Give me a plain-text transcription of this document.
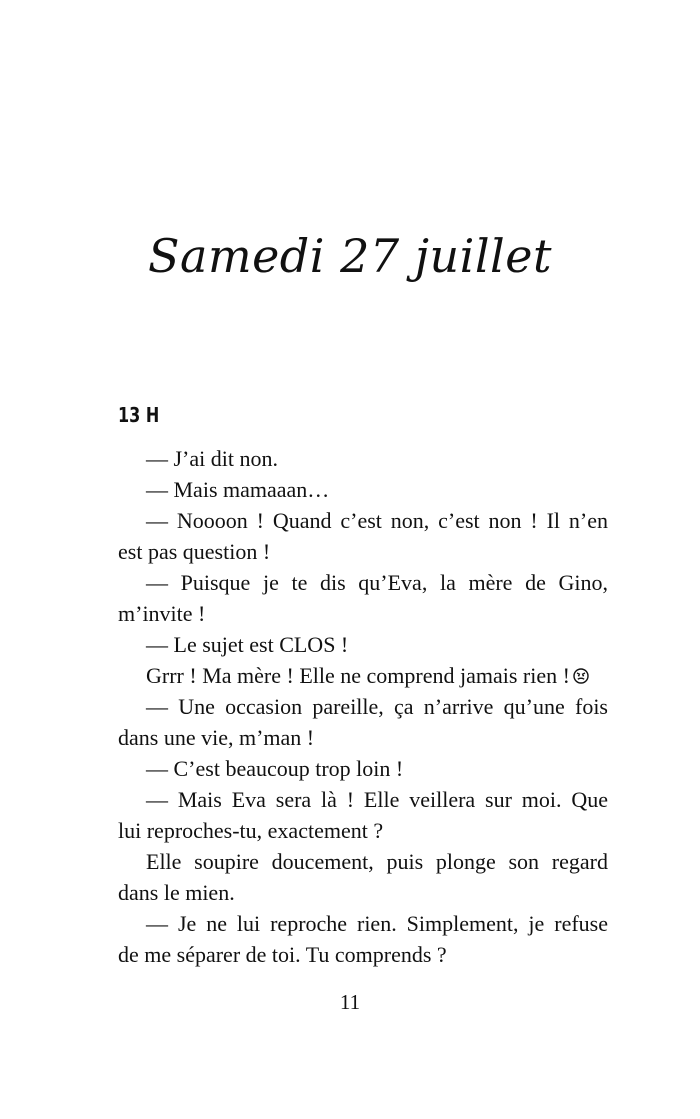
Samedi 27 juillet
13 H
— J’ai dit non.
— Mais mamaaan…
— Noooon ! Quand c’est non, c’est non ! Il n’en
est pas question !
— Puisque je te dis qu’Eva, la mère de Gino,
m’invite !
— Le sujet est CLOS !
Grrr ! Ma mère ! Elle ne comprend jamais rien !
— Une occasion pareille, ça n’arrive qu’une fois
dans une vie, m’man !
— C’est beaucoup trop loin !
— Mais Eva sera là ! Elle veillera sur moi. Que
lui reproches-tu, exactement ?
Elle soupire doucement, puis plonge son regard
dans le mien.
— Je ne lui reproche rien. Simplement, je refuse
de me séparer de toi. Tu comprends ?
11
